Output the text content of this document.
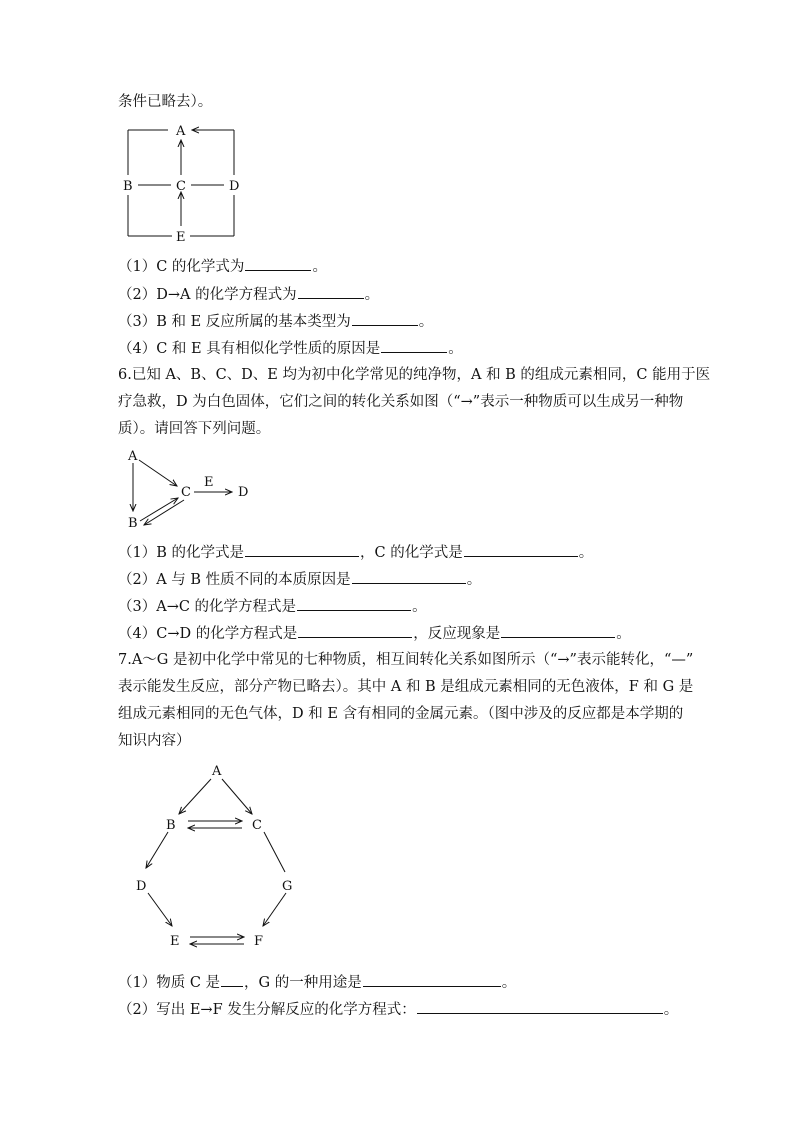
条件已略去）。
A
B	C	D
E
（1）C 的化学式为	。
（2）D→A 的化学方程式为	。
（3）B 和 E 反应所属的基本类型为	。
（4）C 和 E 具有相似化学性质的原因是	。
6.已知 A、B、C、D、E 均为初中化学常见的纯净物，A 和 B 的组成元素相同，C 能用于医
疗急救，D 为白色固体，它们之间的转化关系如图（“→”表示一种物质可以生成另一种物
质）。请回答下列问题。
A
B
C	D
E
（1）B 的化学式是	，C 的化学式是	。
（2）A 与 B 性质不同的本质原因是	。
（3）A→C 的化学方程式是	。
（4）C→D 的化学方程式是	，反应现象是	。
7.A～G 是初中化学中常见的七种物质，相互间转化关系如图所示（“→”表示能转化，“—”
表示能发生反应，部分产物已略去）。其中 A 和 B 是组成元素相同的无色液体，F 和 G 是
组成元素相同的无色气体，D 和 E 含有相同的金属元素。（图中涉及的反应都是本学期的
知识内容）
A
B	C
D	G
E	F
（1）物质 C 是 ，G 的一种用途是	。
（2）写出 E→F 发生分解反应的化学方程式：	。
